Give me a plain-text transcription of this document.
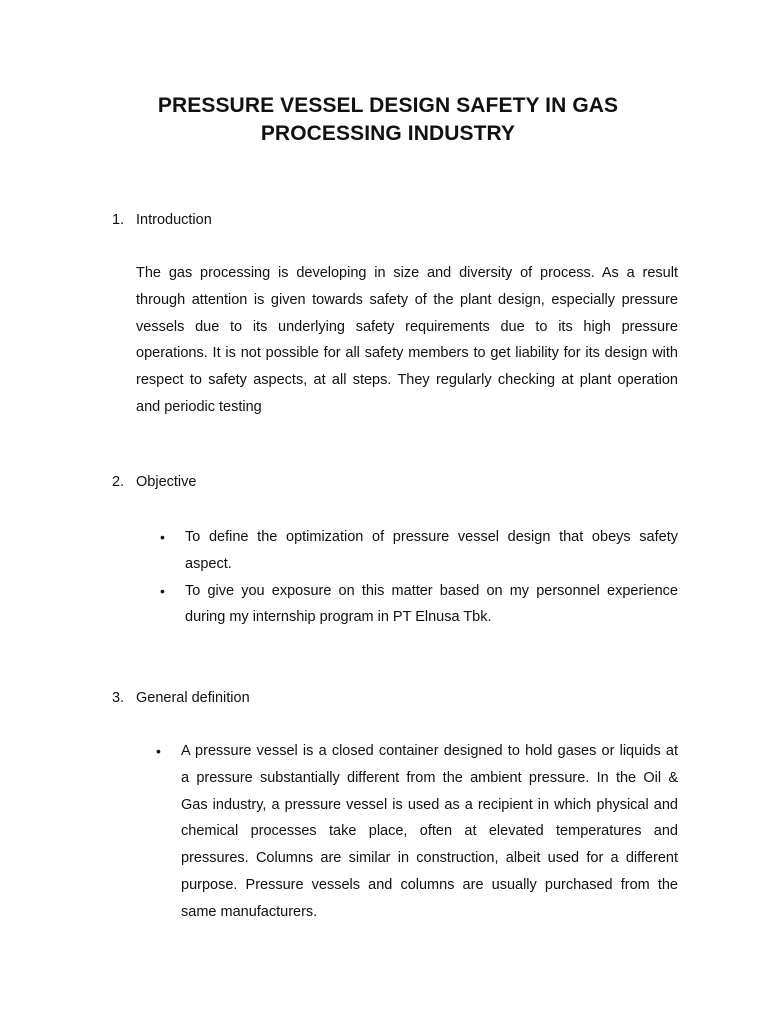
PRESSURE VESSEL DESIGN SAFETY IN GAS
PROCESSING INDUSTRY
1. Introduction
The gas processing is developing in size and diversity of process. As a result
through attention is given towards safety of the plant design, especially pressure
vessels due to its underlying safety requirements due to its high pressure
operations. It is not possible for all safety members to get liability for its design with
respect to safety aspects, at all steps. They regularly checking at plant operation
and periodic testing
2. Objective
• To define the optimization of pressure vessel design that obeys safety
aspect.
• To give you exposure on this matter based on my personnel experience
during my internship program in PT Elnusa Tbk.
3. General definition
• A pressure vessel is a closed container designed to hold gases or liquids at
a pressure substantially different from the ambient pressure. In the Oil &
Gas industry, a pressure vessel is used as a recipient in which physical and
chemical processes take place, often at elevated temperatures and
pressures. Columns are similar in construction, albeit used for a different
purpose. Pressure vessels and columns are usually purchased from the
same manufacturers.
